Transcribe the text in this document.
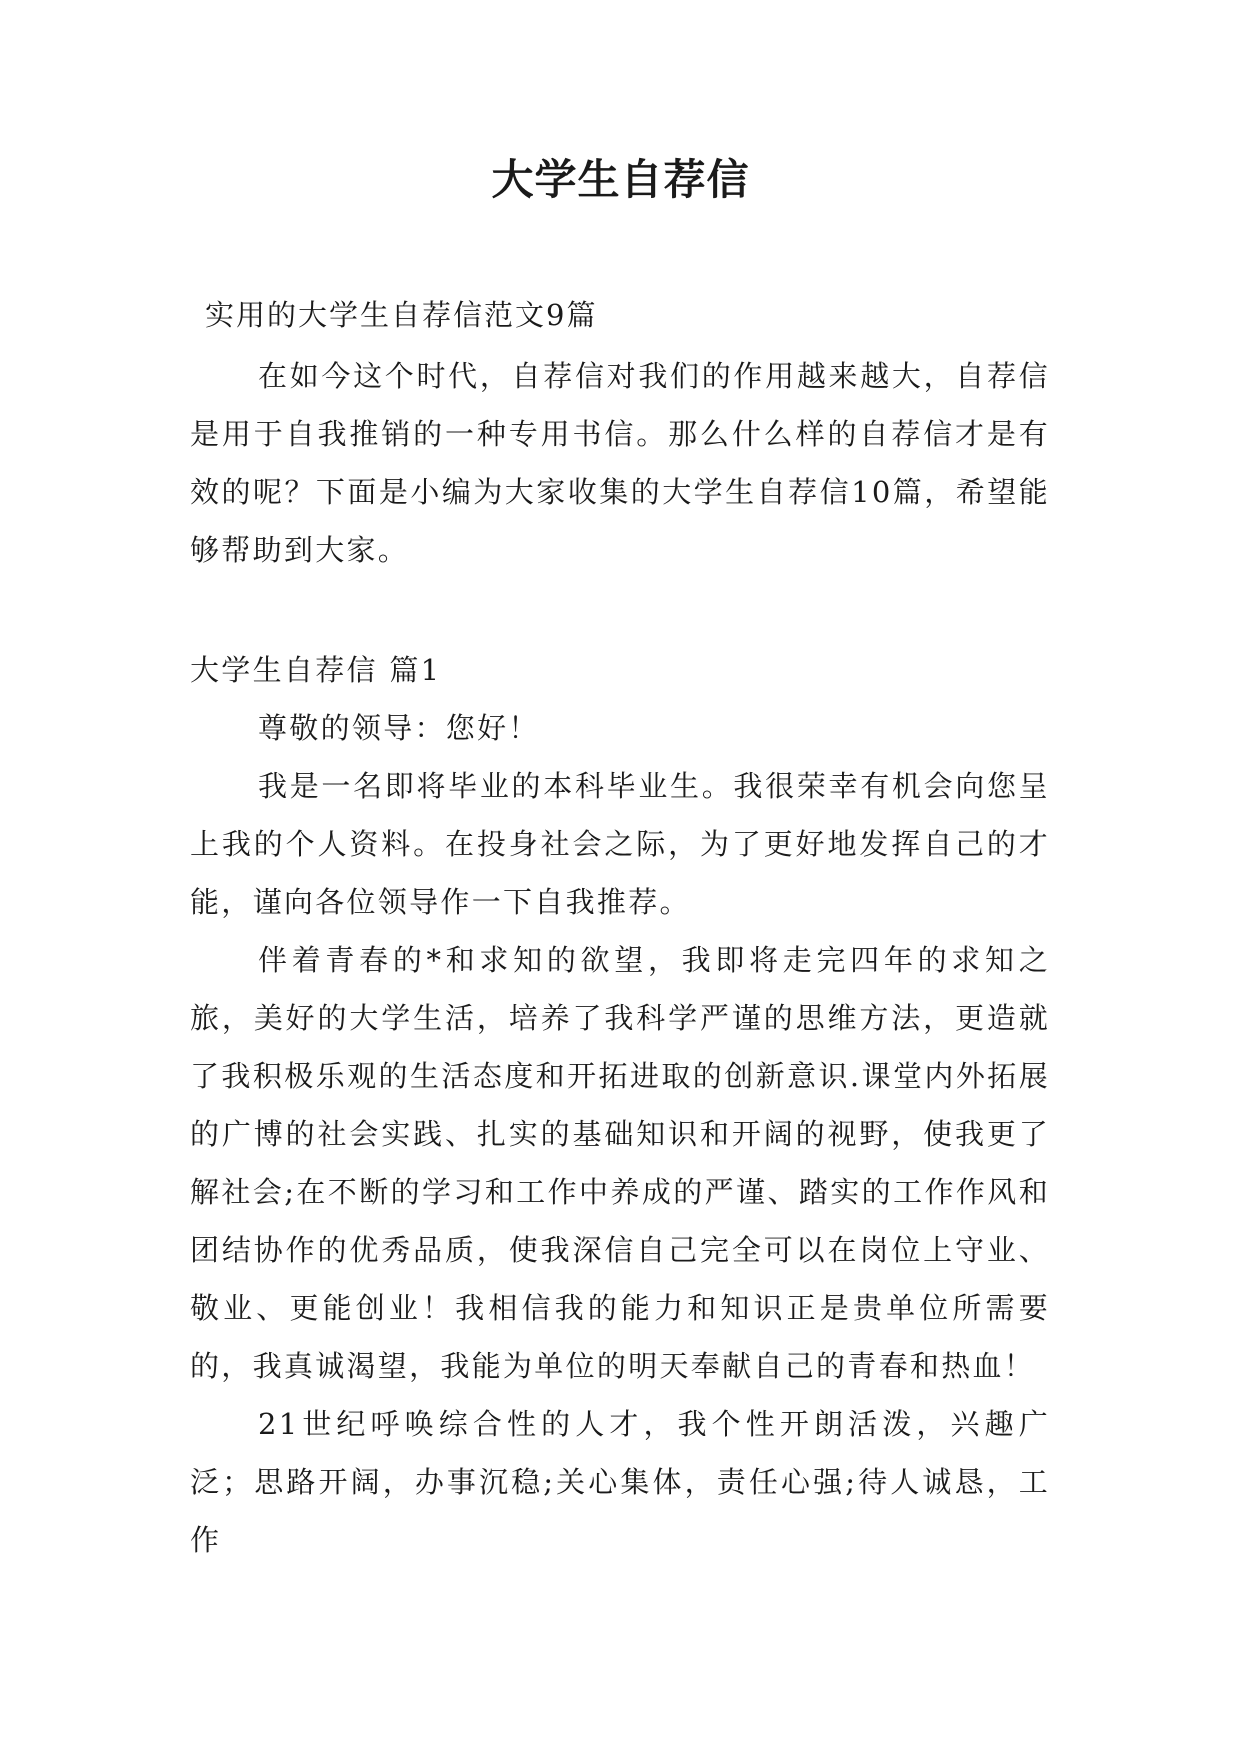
大学生自荐信

实用的大学生自荐信范文9篇

在如今这个时代，自荐信对我们的作用越来越大，自荐信是用于自我推销的一种专用书信。那么什么样的自荐信才是有效的呢？下面是小编为大家收集的大学生自荐信10篇，希望能够帮助到大家。

大学生自荐信 篇1

尊敬的领导：您好！

我是一名即将毕业的本科毕业生。我很荣幸有机会向您呈上我的个人资料。在投身社会之际，为了更好地发挥自己的才能，谨向各位领导作一下自我推荐。

伴着青春的*和求知的欲望，我即将走完四年的求知之旅，美好的大学生活，培养了我科学严谨的思维方法，更造就了我积极乐观的生活态度和开拓进取的创新意识.课堂内外拓展的广博的社会实践、扎实的基础知识和开阔的视野，使我更了解社会;在不断的学习和工作中养成的严谨、踏实的工作作风和团结协作的优秀品质，使我深信自己完全可以在岗位上守业、敬业、更能创业！我相信我的能力和知识正是贵单位所需要的，我真诚渴望，我能为单位的明天奉献自己的青春和热血！

21世纪呼唤综合性的人才，我个性开朗活泼，兴趣广泛；思路开阔，办事沉稳;关心集体，责任心强;待人诚恳，工作
